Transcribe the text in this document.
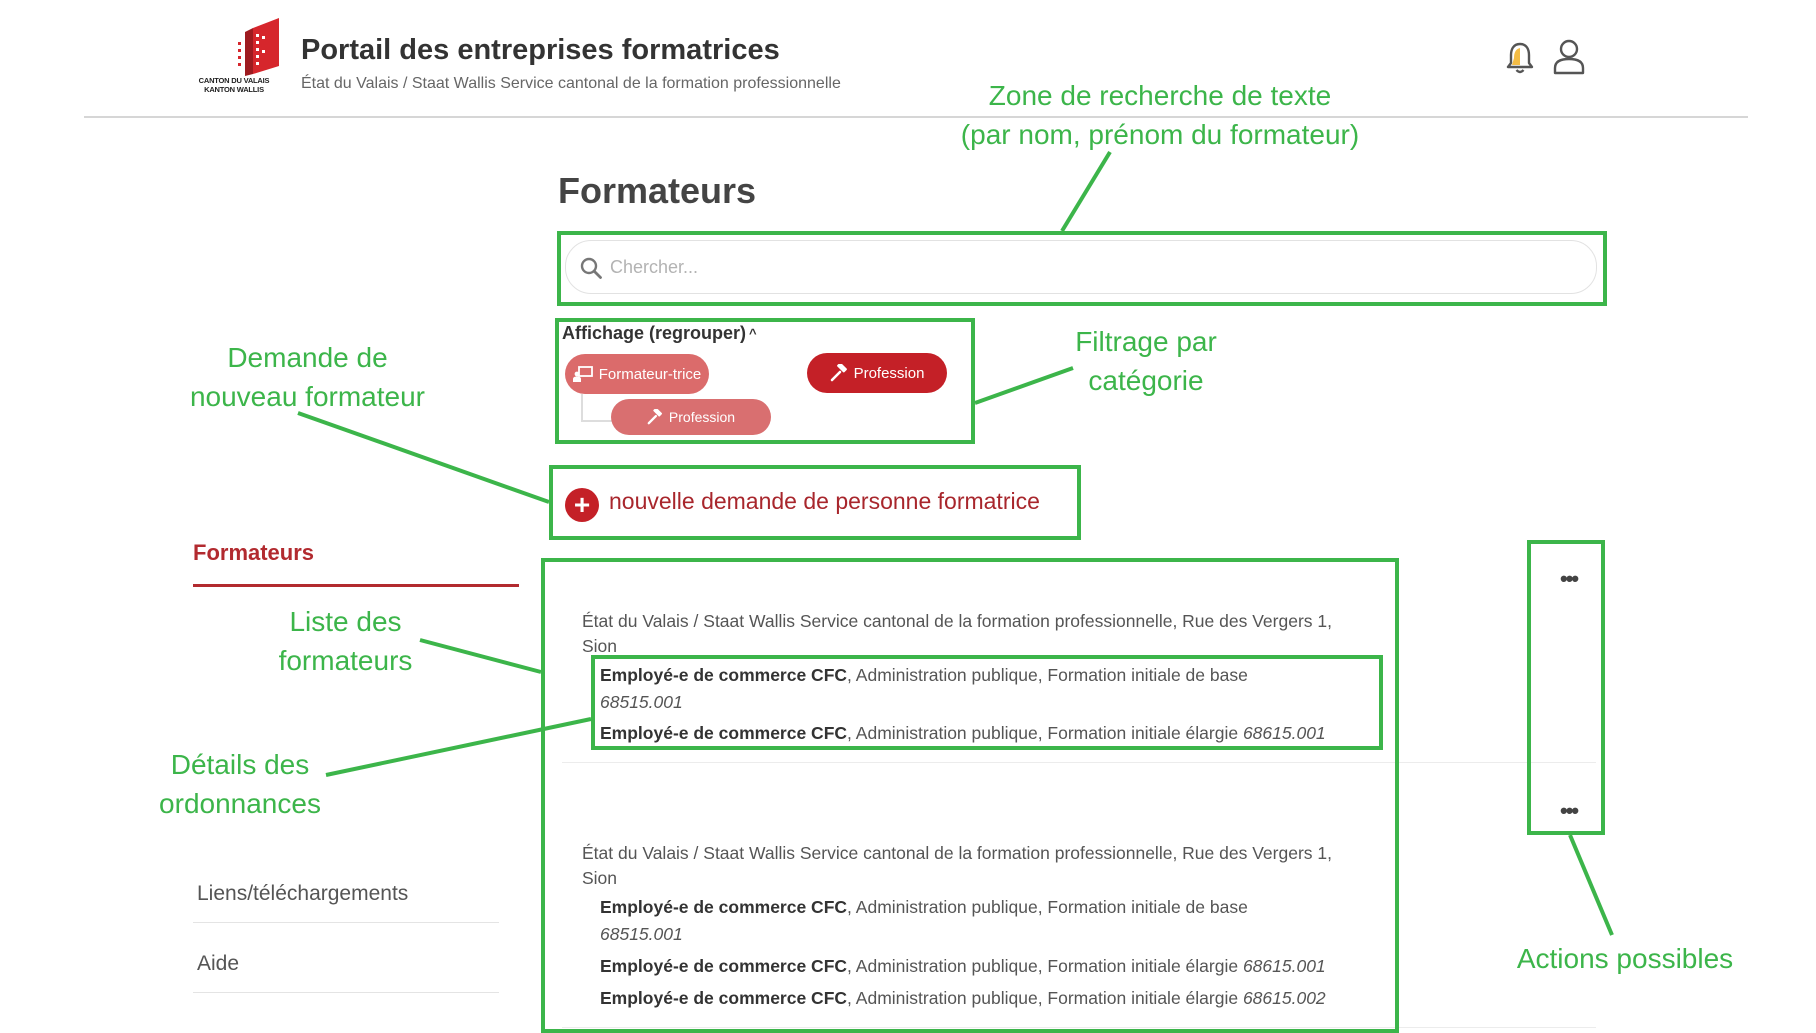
CANTON DU VALAIS
KANTON WALLIS
Portail des entreprises formatrices
État du Valais / Staat Wallis Service cantonal de la formation professionnelle
Formateurs
Chercher...
Affichage (regrouper) ^
Formateur-trice	Profession
Profession
+ nouvelle demande de personne formatrice
Formateurs
Liens/téléchargements
Aide
État du Valais / Staat Wallis Service cantonal de la formation professionnelle, Rue des Vergers 1,
Sion
Employé-e de commerce CFC, Administration publique, Formation initiale de base
68515.001
Employé-e de commerce CFC, Administration publique, Formation initiale élargie 68615.001
•••
État du Valais / Staat Wallis Service cantonal de la formation professionnelle, Rue des Vergers 1,
Sion
Employé-e de commerce CFC, Administration publique, Formation initiale de base
68515.001
Employé-e de commerce CFC, Administration publique, Formation initiale élargie 68615.001
Employé-e de commerce CFC, Administration publique, Formation initiale élargie 68615.002
•••
Zone de recherche de texte
(par nom, prénom du formateur)
Filtrage par
catégorie
Demande de
nouveau formateur
Liste des
formateurs
Détails des
ordonnances
Actions possibles
